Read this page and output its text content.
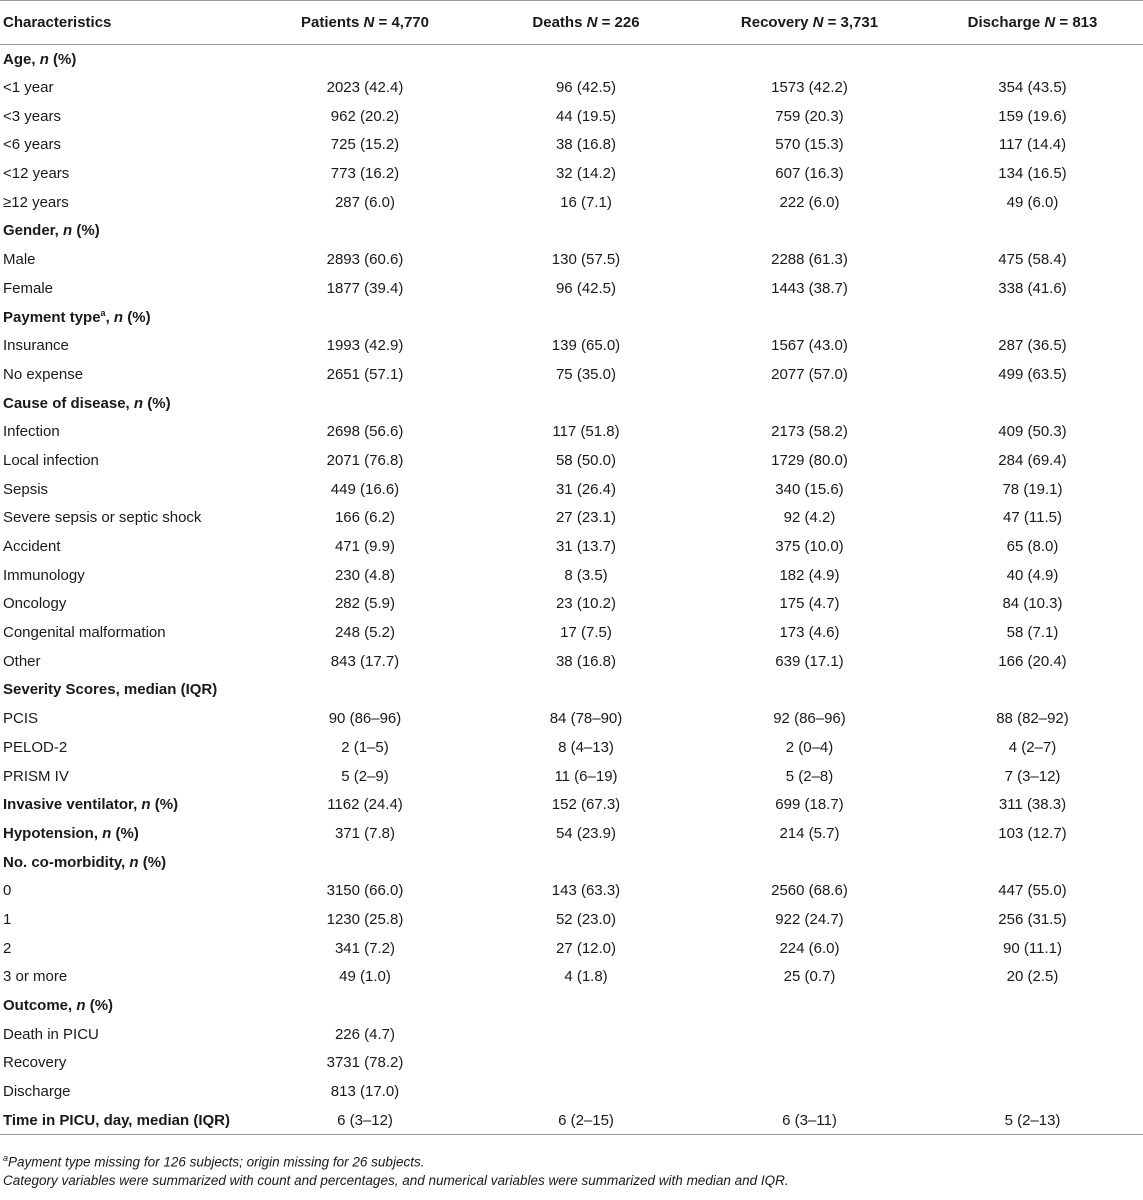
Characteristics	Patients N = 4,770	Deaths N = 226	Recovery N = 3,731	Discharge N = 813
Age, n (%)				
<1 year	2023 (42.4)	96 (42.5)	1573 (42.2)	354 (43.5)
<3 years	962 (20.2)	44 (19.5)	759 (20.3)	159 (19.6)
<6 years	725 (15.2)	38 (16.8)	570 (15.3)	117 (14.4)
<12 years	773 (16.2)	32 (14.2)	607 (16.3)	134 (16.5)
≥12 years	287 (6.0)	16 (7.1)	222 (6.0)	49 (6.0)
Gender, n (%)				
Male	2893 (60.6)	130 (57.5)	2288 (61.3)	475 (58.4)
Female	1877 (39.4)	96 (42.5)	1443 (38.7)	338 (41.6)
Payment type$^a$, n (%)				
Insurance	1993 (42.9)	139 (65.0)	1567 (43.0)	287 (36.5)
No expense	2651 (57.1)	75 (35.0)	2077 (57.0)	499 (63.5)
Cause of disease, n (%)				
Infection	2698 (56.6)	117 (51.8)	2173 (58.2)	409 (50.3)
Local infection	2071 (76.8)	58 (50.0)	1729 (80.0)	284 (69.4)
Sepsis	449 (16.6)	31 (26.4)	340 (15.6)	78 (19.1)
Severe sepsis or septic shock	166 (6.2)	27 (23.1)	92 (4.2)	47 (11.5)
Accident	471 (9.9)	31 (13.7)	375 (10.0)	65 (8.0)
Immunology	230 (4.8)	8 (3.5)	182 (4.9)	40 (4.9)
Oncology	282 (5.9)	23 (10.2)	175 (4.7)	84 (10.3)
Congenital malformation	248 (5.2)	17 (7.5)	173 (4.6)	58 (7.1)
Other	843 (17.7)	38 (16.8)	639 (17.1)	166 (20.4)
Severity Scores, median (IQR)				
PCIS	90 (86–96)	84 (78–90)	92 (86–96)	88 (82–92)
PELOD-2	2 (1–5)	8 (4–13)	2 (0–4)	4 (2–7)
PRISM IV	5 (2–9)	11 (6–19)	5 (2–8)	7 (3–12)
Invasive ventilator, n (%)	1162 (24.4)	152 (67.3)	699 (18.7)	311 (38.3)
Hypotension, n (%)	371 (7.8)	54 (23.9)	214 (5.7)	103 (12.7)
No. co-morbidity, n (%)				
0	3150 (66.0)	143 (63.3)	2560 (68.6)	447 (55.0)
1	1230 (25.8)	52 (23.0)	922 (24.7)	256 (31.5)
2	341 (7.2)	27 (12.0)	224 (6.0)	90 (11.1)
3 or more	49 (1.0)	4 (1.8)	25 (0.7)	20 (2.5)
Outcome, n (%)				
Death in PICU	226 (4.7)			
Recovery	3731 (78.2)			
Discharge	813 (17.0)			
Time in PICU, day, median (IQR)	6 (3–12)	6 (2–15)	6 (3–11)	5 (2–13)
$^a$Payment type missing for 126 subjects; origin missing for 26 subjects.
Category variables were summarized with count and percentages, and numerical variables were summarized with median and IQR.
